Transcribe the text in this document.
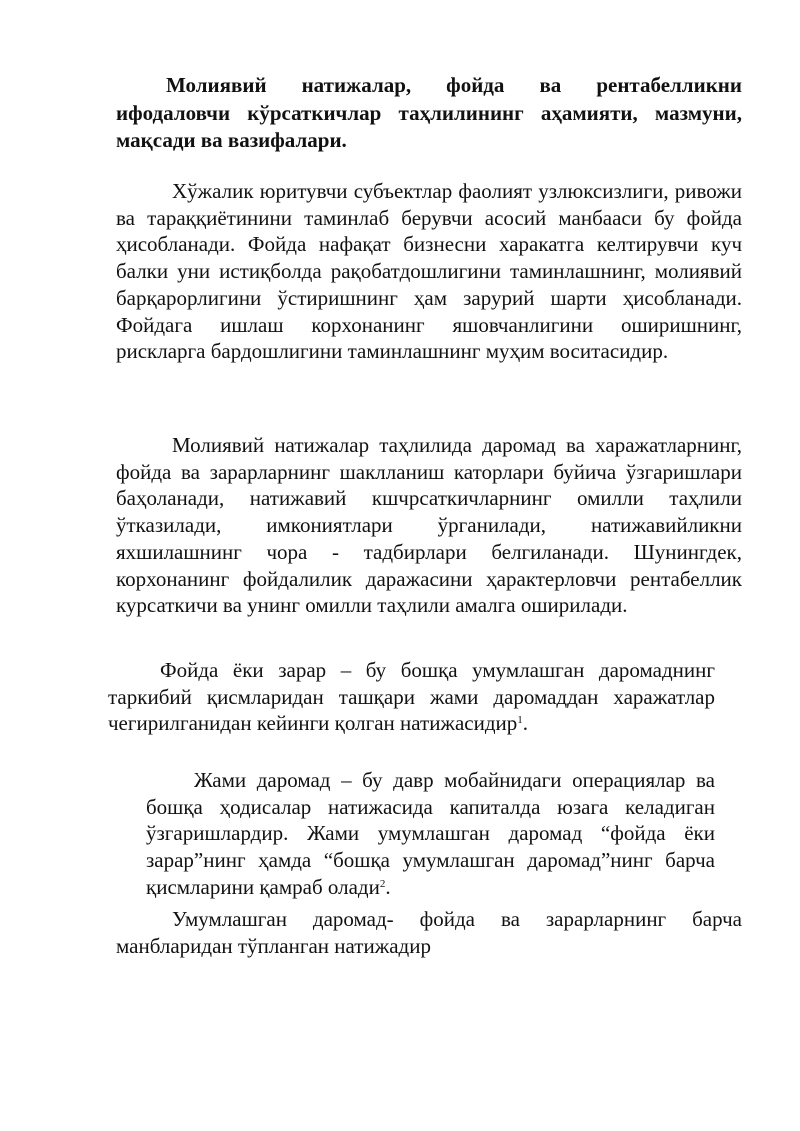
Молиявий натижалар, фойда ва рентабелликни ифодаловчи кўрсаткичлар таҳлилининг аҳамияти, мазмуни, мақсади ва вазифалари.

Хўжалик юритувчи субъектлар фаолият узлюксизлиги, ривожи ва тараққиётинини таминлаб берувчи асосий манбааси бу фойда ҳисобланади. Фойда нафақат бизнесни харакатга келтирувчи куч балки уни истиқболда рақобатдошлигини таминлашнинг, молиявий барқарорлигини ўстиришнинг ҳам зарурий шарти ҳисобланади. Фойдага ишлаш корхонанинг яшовчанлигини оширишнинг, рискларга бардошлигини таминлашнинг муҳим воситасидир.

Молиявий натижалар таҳлилида даромад ва харажатларнинг, фойда ва зарарларнинг шаклланиш каторлари буйича ўзгаришлари баҳоланади, натижавий кшчрсаткичларнинг омилли таҳлили ўтказилади, имкониятлари ўрганилади, натижавийликни яхшилашнинг чора - тадбирлари белгиланади. Шунингдек, корхонанинг фойдалилик даражасини ҳарактерловчи рентабеллик курсаткичи ва унинг омилли таҳлили амалга оширилади.

Фойда ёки зарар – бу бошқа умумлашган даромаднинг таркибий қисмларидан ташқари жами даромаддан харажатлар чегирилганидан кейинги қолган натижасидир$^1$.

Жами даромад – бу давр мобайнидаги операциялар ва бошқа ҳодисалар натижасида капиталда юзага келадиган ўзгаришлардир. Жами умумлашган даромад “фойда ёки зарар”нинг ҳамда “бошқа умумлашган даромад”нинг барча қисмларини қамраб олади$^2$.

Умумлашган даромад- фойда ва зарарларнинг барча манбларидан тўпланган натижадир
